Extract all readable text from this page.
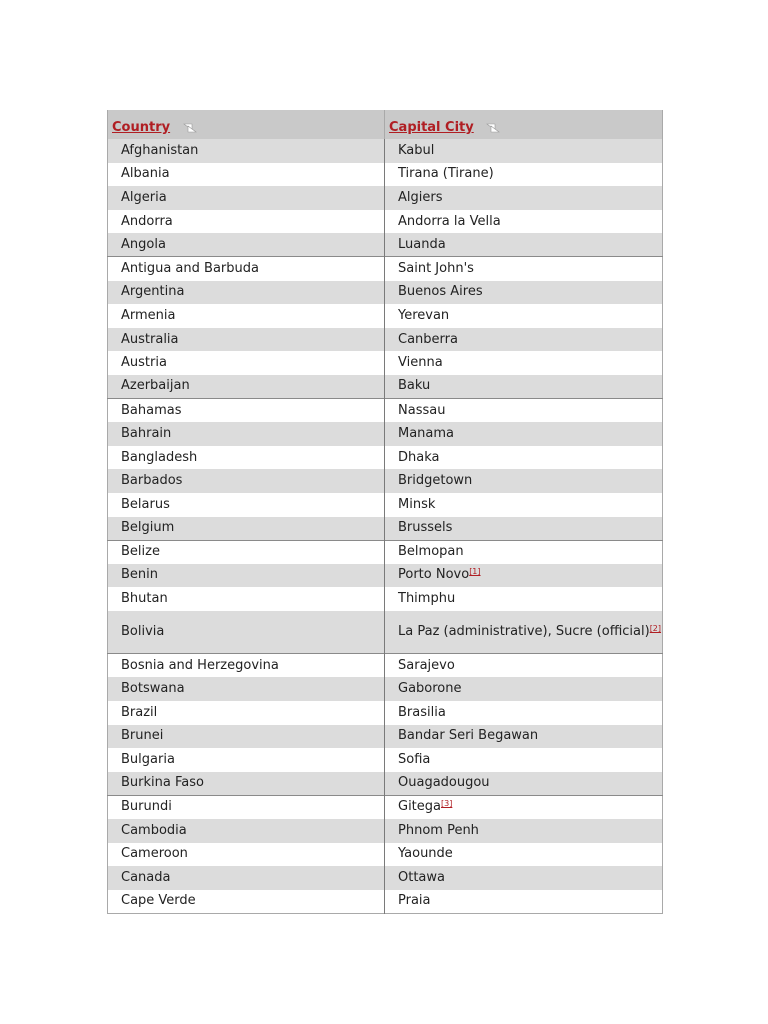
Country	Capital City
Afghanistan	Kabul
Albania	Tirana (Tirane)
Algeria	Algiers
Andorra	Andorra la Vella
Angola	Luanda
Antigua and Barbuda	Saint John's
Argentina	Buenos Aires
Armenia	Yerevan
Australia	Canberra
Austria	Vienna
Azerbaijan	Baku
Bahamas	Nassau
Bahrain	Manama
Bangladesh	Dhaka
Barbados	Bridgetown
Belarus	Minsk
Belgium	Brussels
Belize	Belmopan
Benin	Porto Novo[1]
Bhutan	Thimphu
Bolivia	La Paz (administrative), Sucre (official)[2]
Bosnia and Herzegovina	Sarajevo
Botswana	Gaborone
Brazil	Brasilia
Brunei	Bandar Seri Begawan
Bulgaria	Sofia
Burkina Faso	Ouagadougou
Burundi	Gitega[3]
Cambodia	Phnom Penh
Cameroon	Yaounde
Canada	Ottawa
Cape Verde	Praia
